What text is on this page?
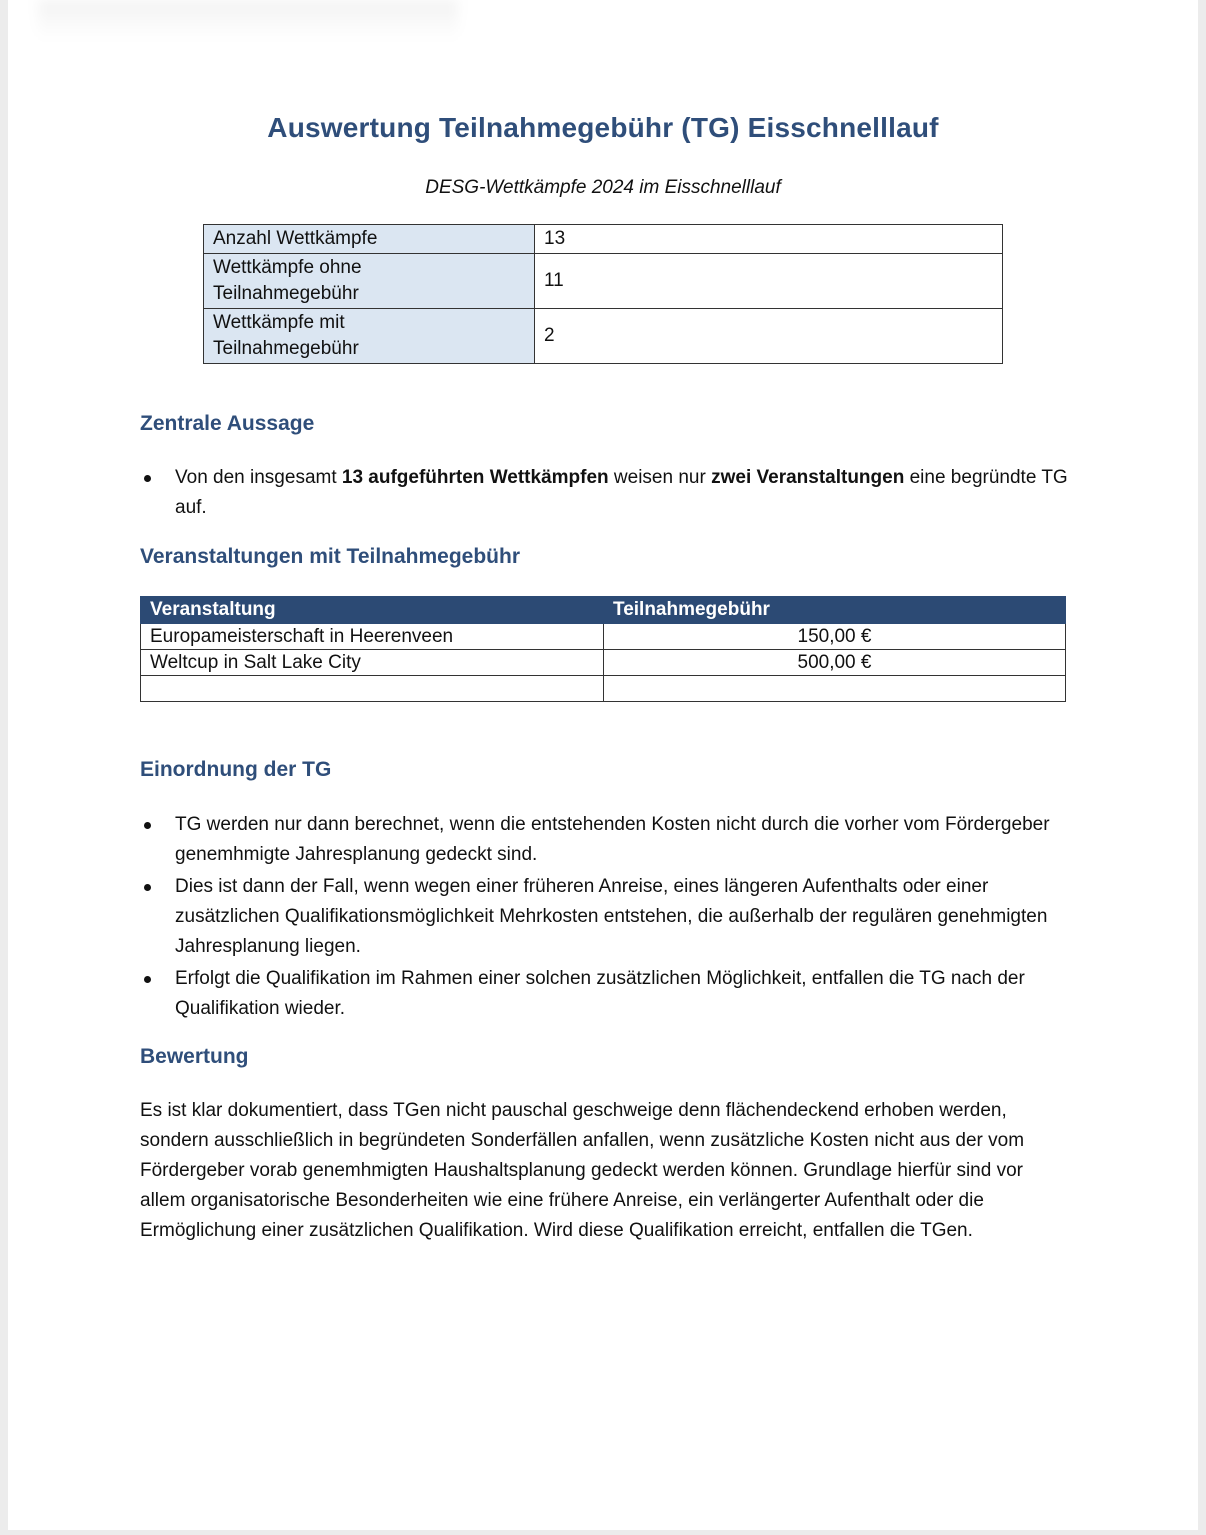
Auswertung Teilnahmegebühr (TG) Eisschnelllauf
DESG-Wettkämpfe 2024 im Eisschnelllauf
Anzahl Wettkämpfe	13
Wettkämpfe ohne
Teilnahmegebühr	11
Wettkämpfe mit
Teilnahmegebühr	2
Zentrale Aussage
Von den insgesamt 13 aufgeführten Wettkämpfen weisen nur zwei Veranstaltungen eine begründte TG auf.
Veranstaltungen mit Teilnahmegebühr
Veranstaltung	Teilnahmegebühr
Europameisterschaft in Heerenveen	150,00 €
Weltcup in Salt Lake City	500,00 €

Einordnung der TG
TG werden nur dann berechnet, wenn die entstehenden Kosten nicht durch die vorher vom Fördergeber genemhmigte Jahresplanung gedeckt sind.
Dies ist dann der Fall, wenn wegen einer früheren Anreise, eines längeren Aufenthalts oder einer zusätzlichen Qualifikationsmöglichkeit Mehrkosten entstehen, die außerhalb der regulären genehmigten Jahresplanung liegen.
Erfolgt die Qualifikation im Rahmen einer solchen zusätzlichen Möglichkeit, entfallen die TG nach der Qualifikation wieder.
Bewertung

Es ist klar dokumentiert, dass TGen nicht pauschal geschweige denn flächendeckend erhoben werden, sondern ausschließlich in begründeten Sonderfällen anfallen, wenn zusätzliche Kosten nicht aus der vom Fördergeber vorab genemhmigten Haushaltsplanung gedeckt werden können. Grundlage hierfür sind vor allem organisatorische Besonderheiten wie eine frühere Anreise, ein verlängerter Aufenthalt oder die Ermöglichung einer zusätzlichen Qualifikation. Wird diese Qualifikation erreicht, entfallen die TGen.
